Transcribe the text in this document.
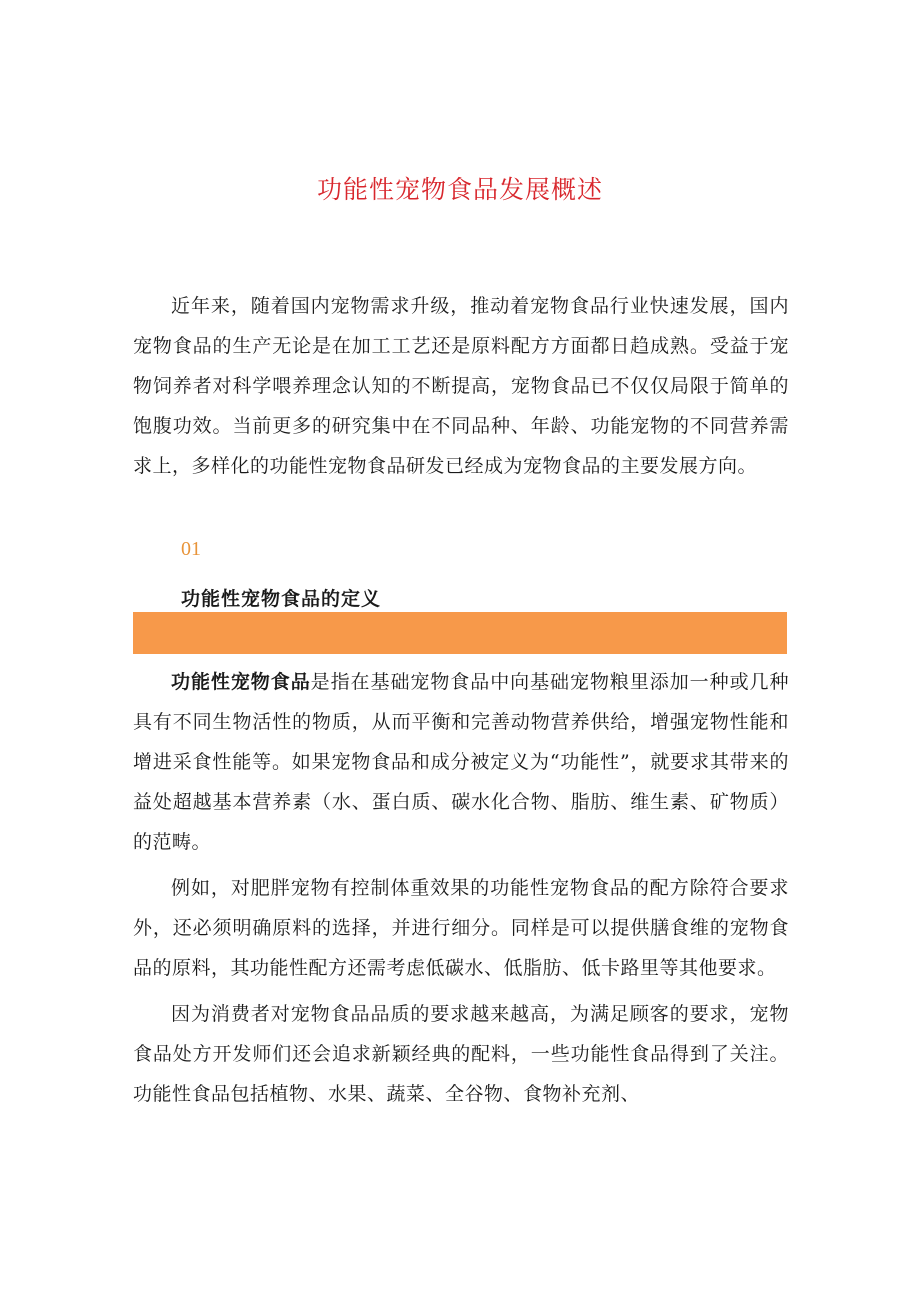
功能性宠物食品发展概述

近年来，随着国内宠物需求升级，推动着宠物食品行业快速发展，国内宠物食品的生产无论是在加工工艺还是原料配方方面都日趋成熟。受益于宠物饲养者对科学喂养理念认知的不断提高，宠物食品已不仅仅局限于简单的饱腹功效。当前更多的研究集中在不同品种、年龄、功能宠物的不同营养需求上，多样化的功能性宠物食品研发已经成为宠物食品的主要发展方向。

01

功能性宠物食品的定义

功能性宠物食品是指在基础宠物食品中向基础宠物粮里添加一种或几种具有不同生物活性的物质，从而平衡和完善动物营养供给，增强宠物性能和增进采食性能等。如果宠物食品和成分被定义为“功能性”，就要求其带来的益处超越基本营养素（水、蛋白质、碳水化合物、脂肪、维生素、矿物质）的范畴。

例如，对肥胖宠物有控制体重效果的功能性宠物食品的配方除符合要求外，还必须明确原料的选择，并进行细分。同样是可以提供膳食维的宠物食品的原料，其功能性配方还需考虑低碳水、低脂肪、低卡路里等其他要求。

因为消费者对宠物食品品质的要求越来越高，为满足顾客的要求，宠物食品处方开发师们还会追求新颖经典的配料，一些功能性食品得到了关注。功能性食品包括植物、水果、蔬菜、全谷物、食物补充剂、
